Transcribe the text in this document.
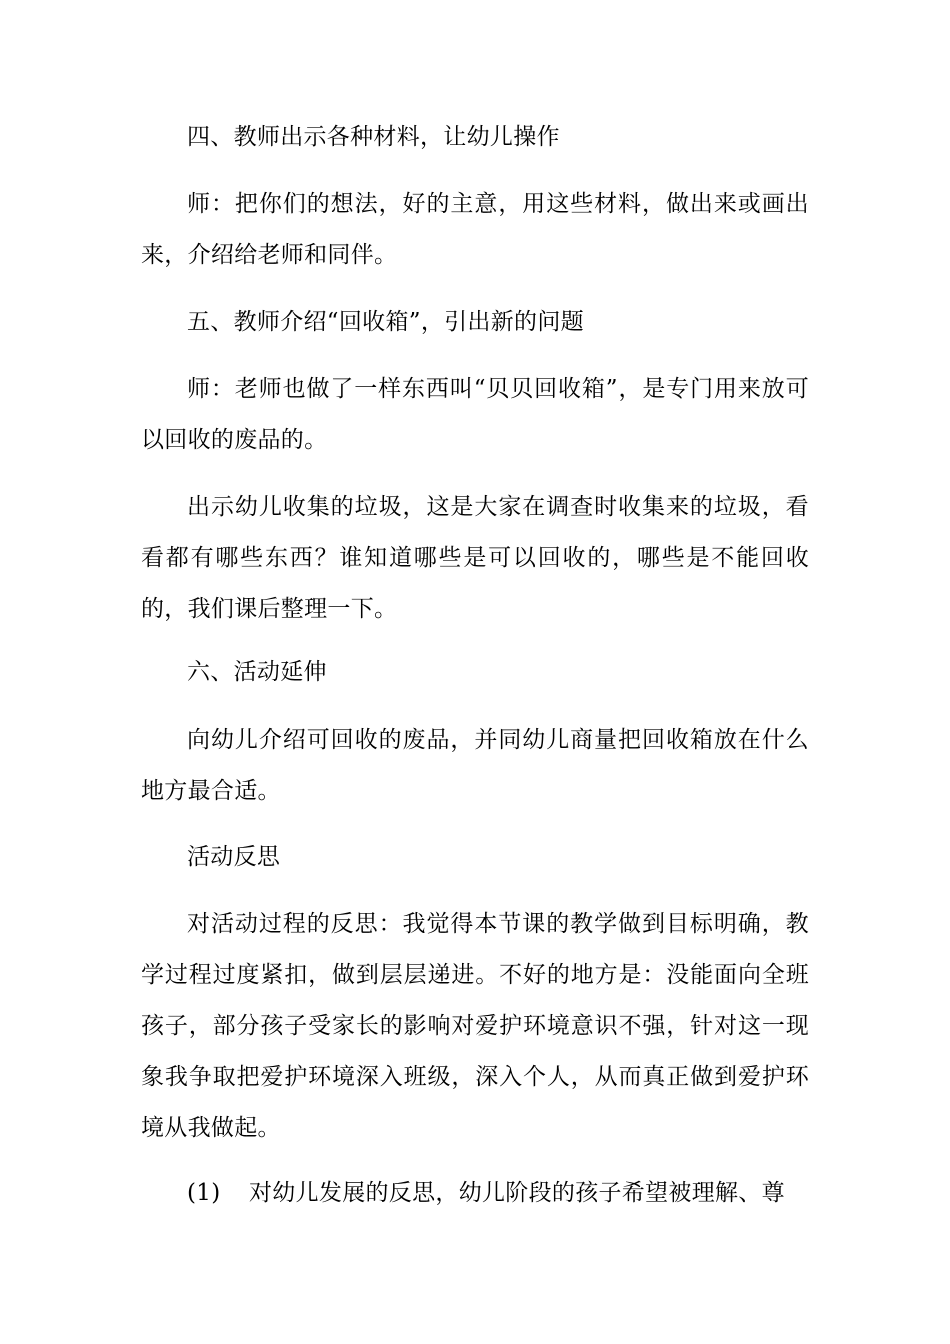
四、教师出示各种材料，让幼儿操作

师：把你们的想法，好的主意，用这些材料，做出来或画出来，介绍给老师和同伴。

五、教师介绍“回收箱”，引出新的问题

师：老师也做了一样东西叫“贝贝回收箱”，是专门用来放可以回收的废品的。

出示幼儿收集的垃圾，这是大家在调查时收集来的垃圾，看看都有哪些东西？谁知道哪些是可以回收的，哪些是不能回收的，我们课后整理一下。

六、活动延伸

向幼儿介绍可回收的废品，并同幼儿商量把回收箱放在什么地方最合适。

活动反思

对活动过程的反思：我觉得本节课的教学做到目标明确，教学过程过度紧扣，做到层层递进。不好的地方是：没能面向全班孩子，部分孩子受家长的影响对爱护环境意识不强，针对这一现象我争取把爱护环境深入班级，深入个人，从而真正做到爱护环境从我做起。

(1) 对幼儿发展的反思，幼儿阶段的孩子希望被理解、尊
